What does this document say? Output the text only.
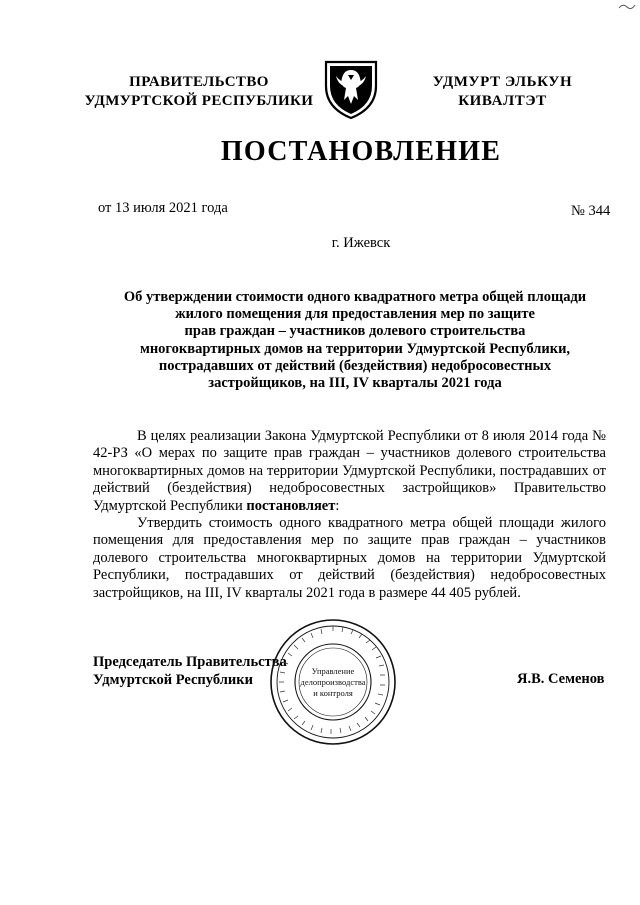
ПРАВИТЕЛЬСТВО
УДМУРТСКОЙ РЕСПУБЛИКИ
УДМУРТ ЭЛЬКУН
КИВАЛТЭТ
ПОСТАНОВЛЕНИЕ
от 13 июля 2021 года	№ 344
г. Ижевск
Об утверждении стоимости одного квадратного метра общей площади
жилого помещения для предоставления мер по защите
прав граждан – участников долевого строительства
многоквартирных домов на территории Удмуртской Республики,
пострадавших от действий (бездействия) недобросовестных
застройщиков, на III, IV кварталы 2021 года

В целях реализации Закона Удмуртской Республики от 8 июля 2014 года № 42-РЗ «О мерах по защите прав граждан – участников долевого строительства многоквартирных домов на территории Удмуртской Республики, пострадавших от действий (бездействия) недобросовестных застройщиков» Правительство Удмуртской Республики постановляет:

Утвердить стоимость одного квадратного метра общей площади жилого помещения для предоставления мер по защите прав граждан – участников долевого строительства многоквартирных домов на территории Удмуртской Республики, пострадавших от действий (бездействия) недобросовестных застройщиков, на III, IV кварталы 2021 года в размере 44 405 рублей.

Председатель Правительства
Удмуртской Республики	Я.В. Семенов
Управление
делопроизводства
и контроля
